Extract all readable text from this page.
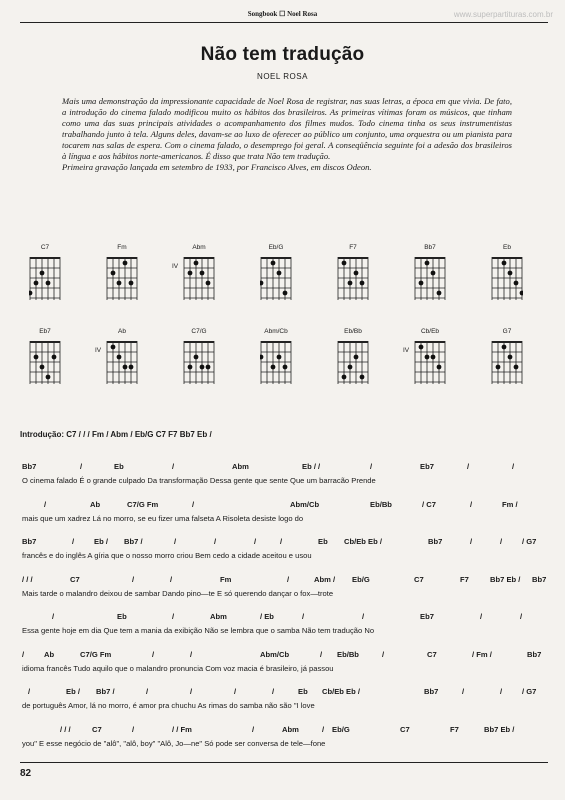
Songbook ☐ Noel Rosa	www.superpartituras.com.br
Não tem tradução
NOEL ROSA

Mais uma demonstração da impressionante capacidade de Noel Rosa de registrar, nas suas letras, a época em que vivia. De fato, a introdução do cinema falado modificou muito os hábitos dos brasileiros. As primeiras vítimas foram os músicos, que tinham como uma das suas principais atividades o acompanhamento dos filmes mudos. Todo cinema tinha os seus instrumentistas trabalhando junto à tela. Alguns deles, davam-se ao luxo de oferecer ao público um conjunto, uma orquestra ou um pianista para tocarem nas salas de espera. Com o cinema falado, o desemprego foi geral. A conseqüência seguinte foi a adesão dos brasileiros à língua e aos hábitos norte-americanos. É disso que trata Não tem tradução.

Primeira gravação lançada em setembro de 1933, por Francisco Alves, em discos Odeon.

C7	Fm	Abm
IV
Eb/G	F7	Bb7	Eb
Eb7	Ab
IV
C7/G	Abm/Cb	Eb/Bb	Cb/Eb
IV
G7
Introdução: C7 / / / Fm / Abm / Eb/G C7 F7 Bb7 Eb /
Bb7	/	Eb	/	Abm	Eb / /	/	Eb7	/	/
O cinema falado É o grande culpado Da transformação Dessa gente que sente Que um barracão Prende
/	Ab	C7/G Fm	/	Abm/Cb	Eb/Bb	/ C7	/	Fm /
mais que um xadrez Lá no morro, se eu fizer uma falseta A Risoleta desiste logo do
Bb7	/	Eb / Bb7 /	/	/	/	/	Eb Cb/Eb Eb /	Bb7	/	/	/ G7
francês e do inglês A gíria que o nosso morro criou Bem cedo a cidade aceitou e usou
/ / /	C7	/	/	Fm	/	Abm / Eb/G	C7	F7	Bb7 Eb / Bb7
Mais tarde o malandro deixou de sambar Dando pino—te E só querendo dançar o fox—trote
/	Eb	/	Abm	/ Eb	/	/	Eb7	/	/
Essa gente hoje em dia Que tem a mania da exibição Não se lembra que o samba Não tem tradução No
/	Ab	C7/G Fm	/	/	Abm/Cb	/ Eb/Bb	/	C7	/ Fm /	Bb7
idioma francês Tudo aquilo que o malandro pronuncia Com voz macia é brasileiro, já passou
/	Eb / Bb7 /	/	/	/	/	Eb Cb/Eb Eb /	Bb7	/	/	/ G7
de português Amor, lá no morro, é amor pra chuchu As rimas do samba não são "I love
/ / /	C7	/	/ / Fm	/	Abm	/ Eb/G	C7	F7	Bb7 Eb /
you" E esse negócio de "alô", "alô, boy" "Alô, Jo—ne" Só pode ser conversa de tele—fone
82
